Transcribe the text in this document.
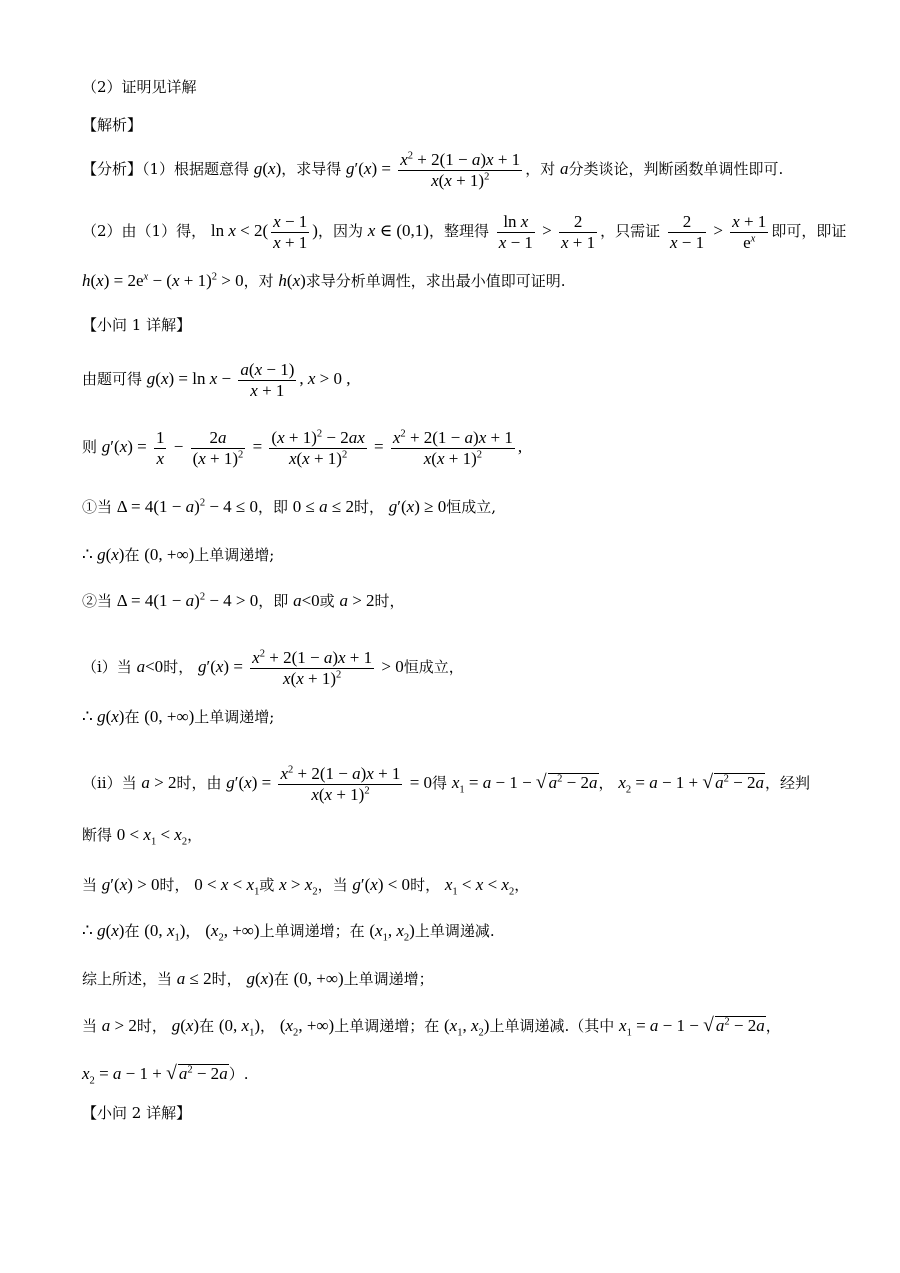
（2）证明见详解
【解析】
【分析】（1）根据题意得 g(x)，求导得 $g'(x) = \frac{x^2 + 2(1 - a)x + 1}{x(x + 1)^2}$ ，对 a分类谈论，判断函数单调性即可.
（2）由（1）得， $\ln x < 2( \frac{x - 1}{x + 1}$ )，因为 x ∈ (0,1)，整理得 $\frac{\text{ln x}}{x - 1} > \frac{2}{x + 1}$ ，只需证 $\frac{2}{x - 1} > \frac{x + 1}{e^x}$ 即可，即证
$h(x) = 2e^x - (x + 1)^2 > 0$，对 h(x)求导分析单调性，求出最小值即可证明.
【小问 1 详解】
由题可得 $g(x) = \ln x - \frac{a(x - 1)}{x + 1}$ , x > 0 ,
则 $g'(x) = \frac{1}{x} - \frac{2a}{(x + 1)^2} = \frac{(x + 1)^2 - 2ax}{x(x + 1)^2} = \frac{x^2 + 2(1 - a)x + 1}{x(x + 1)^2}$ ,
①当 $\Delta = 4(1 - a)^2 - 4 \le 0$，即 0 ≤ a ≤ 2时， g′(x) ≥ 0恒成立,
∴ g(x)在 (0, +∞)上单调递增;
②当 $\Delta = 4(1 - a)^2 - 4 > 0$，即 a<0或 a > 2时，
（i）当 a<0时， $g'(x) = \frac{x^2 + 2(1 - a)x + 1}{x(x + 1)^2} > 0$恒成立，
∴ g(x)在 (0, +∞)上单调递增;
（ii）当 a > 2时，由 $g'(x) = \frac{x^2 + 2(1 - a)x + 1}{x(x + 1)^2} = 0$得 $x_1 = a - 1$ − √ $a^2 - 2a$， $x_2 = a - 1$ + √ $a^2 - 2a$，经判
断得 $0 < x_1 < x_2$，
当 g′(x) > 0时， $0 < x < x_1$或 $x > x_2$，当 g′(x) < 0时， $x_1 < x < x_2$，
∴ g(x)在 (0, $x_1$)， ($x_2$, +∞)上单调递增；在 ($x_1$, $x_2$)上单调递减.
综上所述，当 a ≤ 2时， g(x)在 (0, +∞)上单调递增；
当 a > 2时， g(x)在 (0, $x_1$)， ($x_2$, +∞)上单调递增；在 ($x_1$, $x_2$)上单调递减.（其中 $x_1 = a - 1$ − √ $a^2 - 2a$，
$x_2 = a - 1$ + √ $a^2 - 2a$）.
【小问 2 详解】
